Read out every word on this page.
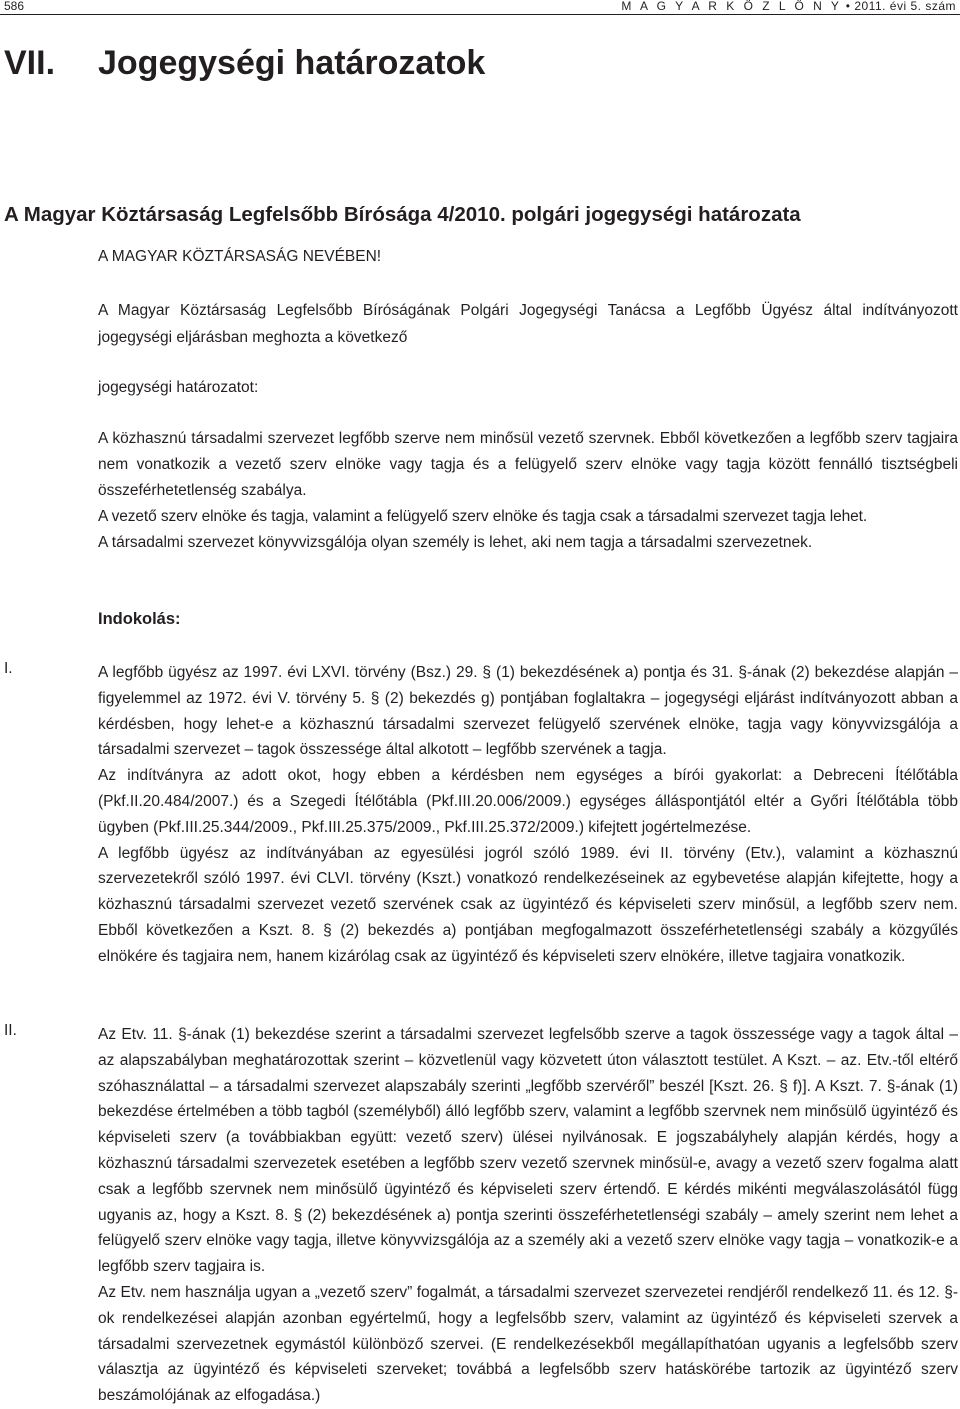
586	M A G Y A R K Ö Z L Ö N Y • 2011. évi 5. szám
VII. Jogegységi határozatok
A Magyar Köztársaság Legfelsőbb Bírósága 4/2010. polgári jogegységi határozata
A MAGYAR KÖZTÁRSASÁG NEVÉBEN!
A Magyar Köztársaság Legfelsőbb Bíróságának Polgári Jogegységi Tanácsa a Legfőbb Ügyész által indítványozott jogegységi eljárásban meghozta a következő
jogegységi határozatot:
A közhasznú társadalmi szervezet legfőbb szerve nem minősül vezető szervnek. Ebből következően a legfőbb szerv tagjaira nem vonatkozik a vezető szerv elnöke vagy tagja és a felügyelő szerv elnöke vagy tagja között fennálló tisztségbeli összeférhetetlenség szabálya.
A vezető szerv elnöke és tagja, valamint a felügyelő szerv elnöke és tagja csak a társadalmi szervezet tagja lehet.
A társadalmi szervezet könyvvizsgálója olyan személy is lehet, aki nem tagja a társadalmi szervezetnek.
Indokolás:
I.	A legfőbb ügyész az 1997. évi LXVI. törvény (Bsz.) 29. § (1) bekezdésének a) pontja és 31. §-ának (2) bekezdése alapján – figyelemmel az 1972. évi V. törvény 5. § (2) bekezdés g) pontjában foglaltakra – jogegységi eljárást indítványozott abban a kérdésben, hogy lehet-e a közhasznú társadalmi szervezet felügyelő szervének elnöke, tagja vagy könyvvizsgálója a társadalmi szervezet – tagok összessége által alkotott – legfőbb szervének a tagja.

Az indítványra az adott okot, hogy ebben a kérdésben nem egységes a bírói gyakorlat: a Debreceni Ítélőtábla (Pkf.II.20.484/2007.) és a Szegedi Ítélőtábla (Pkf.III.20.006/2009.) egységes álláspontjától eltér a Győri Ítélőtábla több ügyben (Pkf.III.25.344/2009., Pkf.III.25.375/2009., Pkf.III.25.372/2009.) kifejtett jogértelmezése.

A legfőbb ügyész az indítványában az egyesülési jogról szóló 1989. évi II. törvény (Etv.), valamint a közhasznú szervezetekről szóló 1997. évi CLVI. törvény (Kszt.) vonatkozó rendelkezéseinek az egybevetése alapján kifejtette, hogy a közhasznú társadalmi szervezet vezető szervének csak az ügyintéző és képviseleti szerv minősül, a legfőbb szerv nem. Ebből következően a Kszt. 8. § (2) bekezdés a) pontjában megfogalmazott összeférhetetlenségi szabály a közgyűlés elnökére és tagjaira nem, hanem kizárólag csak az ügyintéző és képviseleti szerv elnökére, illetve tagjaira vonatkozik.

II.	Az Etv. 11. §-ának (1) bekezdése szerint a társadalmi szervezet legfelsőbb szerve a tagok összessége vagy a tagok által – az alapszabályban meghatározottak szerint – közvetlenül vagy közvetett úton választott testület. A Kszt. – az. Etv.-től eltérő szóhasználattal – a társadalmi szervezet alapszabály szerinti „legfőbb szervéről” beszél [Kszt. 26. § f)]. A Kszt. 7. §-ának (1) bekezdése értelmében a több tagból (személyből) álló legfőbb szerv, valamint a legfőbb szervnek nem minősülő ügyintéző és képviseleti szerv (a továbbiakban együtt: vezető szerv) ülései nyilvánosak. E jogszabályhely alapján kérdés, hogy a közhasznú társadalmi szervezetek esetében a legfőbb szerv vezető szervnek minősül-e, avagy a vezető szerv fogalma alatt csak a legfőbb szervnek nem minősülő ügyintéző és képviseleti szerv értendő. E kérdés mikénti megválaszolásától függ ugyanis az, hogy a Kszt. 8. § (2) bekezdésének a) pontja szerinti összeférhetetlenségi szabály – amely szerint nem lehet a felügyelő szerv elnöke vagy tagja, illetve könyvvizsgálója az a személy aki a vezető szerv elnöke vagy tagja – vonatkozik-e a legfőbb szerv tagjaira is.

Az Etv. nem használja ugyan a „vezető szerv” fogalmát, a társadalmi szervezet szervezetei rendjéről rendelkező 11. és 12. §-ok rendelkezései alapján azonban egyértelmű, hogy a legfelsőbb szerv, valamint az ügyintéző és képviseleti szervek a társadalmi szervezetnek egymástól különböző szervei. (E rendelkezésekből megállapíthatóan ugyanis a legfelsőbb szerv választja az ügyintéző és képviseleti szerveket; továbbá a legfelsőbb szerv hatáskörébe tartozik az ügyintéző szerv beszámolójának az elfogadása.)
